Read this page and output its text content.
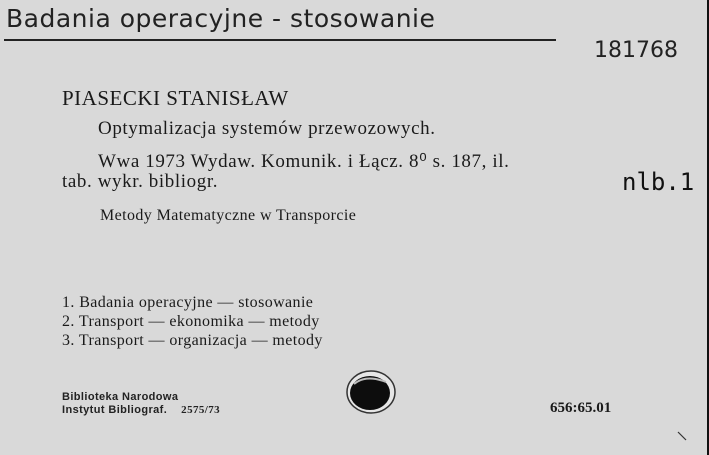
Badania operacyjne - stosowanie
181768
PIASECKI STANISŁAW
Optymalizacja systemów przewozowych.
Wwa 1973 Wydaw. Komunik. i Łącz. 8⁰ s. 187, il.
tab. wykr. bibliogr.	nlb.1
Metody Matematyczne w Transporcie
1. Badania operacyjne — stosowanie
2. Transport — ekonomika — metody
3. Transport — organizacja — metody
Biblioteka Narodowa
Instytut Bibliograf. 2575/73	656:65.01
